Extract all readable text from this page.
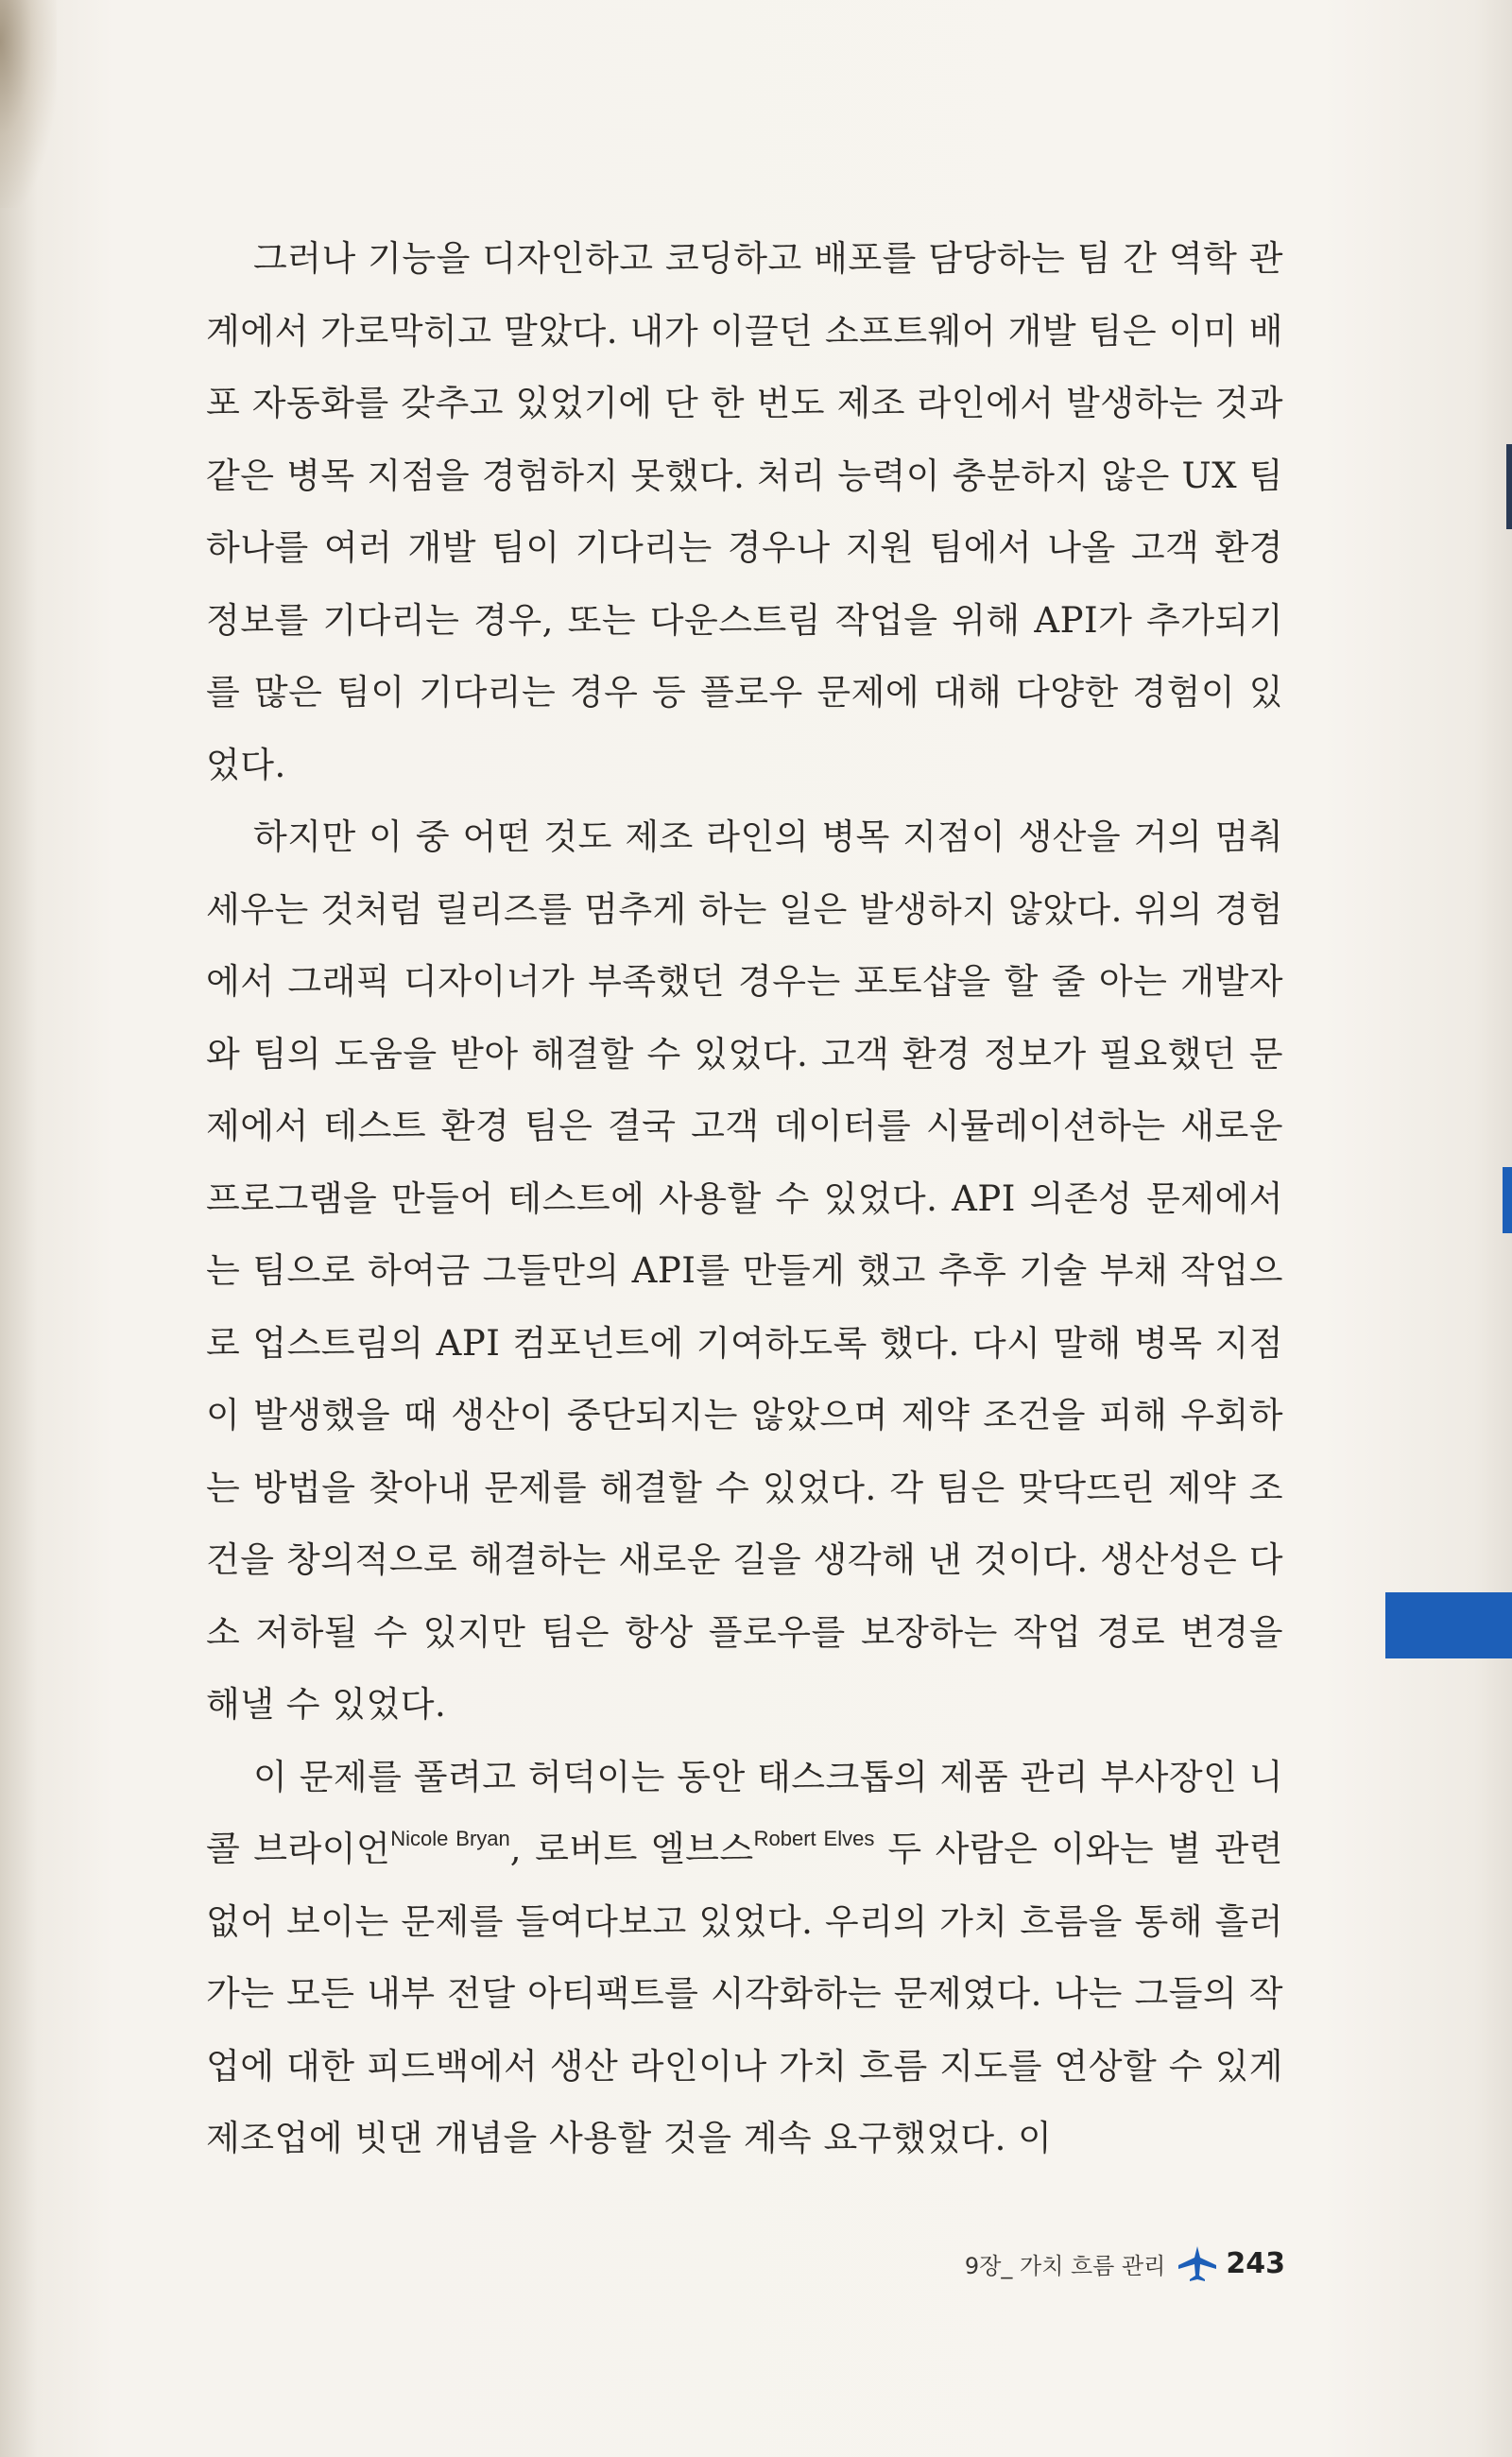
그러나 기능을 디자인하고 코딩하고 배포를 담당하는 팀 간 역학 관계에서 가로막히고 말았다. 내가 이끌던 소프트웨어 개발 팀은 이미 배포 자동화를 갖추고 있었기에 단 한 번도 제조 라인에서 발생하는 것과 같은 병목 지점을 경험하지 못했다. 처리 능력이 충분하지 않은 UX 팀 하나를 여러 개발 팀이 기다리는 경우나 지원 팀에서 나올 고객 환경 정보를 기다리는 경우, 또는 다운스트림 작업을 위해 API가 추가되기를 많은 팀이 기다리는 경우 등 플로우 문제에 대해 다양한 경험이 있었다.

하지만 이 중 어떤 것도 제조 라인의 병목 지점이 생산을 거의 멈춰 세우는 것처럼 릴리즈를 멈추게 하는 일은 발생하지 않았다. 위의 경험에서 그래픽 디자이너가 부족했던 경우는 포토샵을 할 줄 아는 개발자와 팀의 도움을 받아 해결할 수 있었다. 고객 환경 정보가 필요했던 문제에서 테스트 환경 팀은 결국 고객 데이터를 시뮬레이션하는 새로운 프로그램을 만들어 테스트에 사용할 수 있었다. API 의존성 문제에서는 팀으로 하여금 그들만의 API를 만들게 했고 추후 기술 부채 작업으로 업스트림의 API 컴포넌트에 기여하도록 했다. 다시 말해 병목 지점이 발생했을 때 생산이 중단되지는 않았으며 제약 조건을 피해 우회하는 방법을 찾아내 문제를 해결할 수 있었다. 각 팀은 맞닥뜨린 제약 조건을 창의적으로 해결하는 새로운 길을 생각해 낸 것이다. 생산성은 다소 저하될 수 있지만 팀은 항상 플로우를 보장하는 작업 경로 변경을 해낼 수 있었다.

이 문제를 풀려고 허덕이는 동안 태스크톱의 제품 관리 부사장인 니콜 브라이언$^{Nicole Bryan}$, 로버트 엘브스$^{Robert Elves}$ 두 사람은 이와는 별 관련 없어 보이는 문제를 들여다보고 있었다. 우리의 가치 흐름을 통해 흘러가는 모든 내부 전달 아티팩트를 시각화하는 문제였다. 나는 그들의 작업에 대한 피드백에서 생산 라인이나 가치 흐름 지도를 연상할 수 있게 제조업에 빗댄 개념을 사용할 것을 계속 요구했었다. 이

9장_ 가치 흐름 관리 243
